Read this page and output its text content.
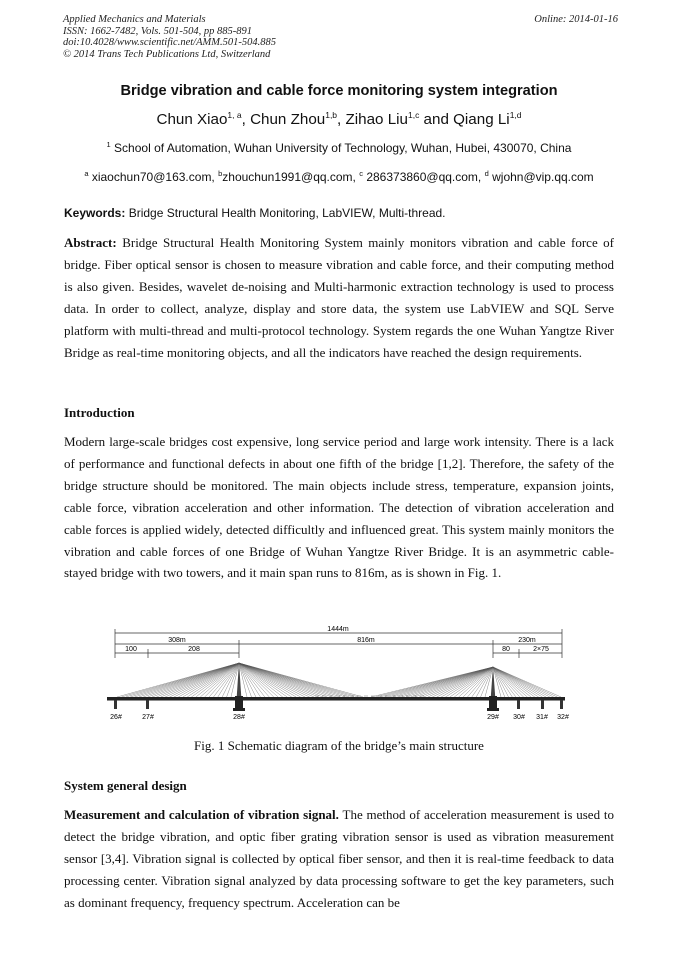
Applied Mechanics and Materials
ISSN: 1662-7482, Vols. 501-504, pp 885-891
doi:10.4028/www.scientific.net/AMM.501-504.885
© 2014 Trans Tech Publications Ltd, Switzerland
Online: 2014-01-16
Bridge vibration and cable force monitoring system integration
Chun Xiao$^{1, a}$, Chun Zhou$^{1,b}$, Zihao Liu$^{1,c}$ and Qiang Li$^{1,d}$
$^1$ School of Automation, Wuhan University of Technology, Wuhan, Hubei, 430070, China
$^a$ xiaochun70@163.com, $^b$zhouchun1991@qq.com, $^c$ 286373860@qq.com, $^d$ wjohn@vip.qq.com
Keywords: Bridge Structural Health Monitoring, LabVIEW, Multi-thread.
Abstract: Bridge Structural Health Monitoring System mainly monitors vibration and cable force of bridge. Fiber optical sensor is chosen to measure vibration and cable force, and their computing method is also given. Besides, wavelet de-noising and Multi-harmonic extraction technology is used to process data. In order to collect, analyze, display and store data, the system use LabVIEW and SQL Serve platform with multi-thread and multi-protocol technology. System regards the one Wuhan Yangtze River Bridge as real-time monitoring objects, and all the indicators have reached the design requirements.
Introduction
Modern large-scale bridges cost expensive, long service period and large work intensity. There is a lack of performance and functional defects in about one fifth of the bridge [1,2]. Therefore, the safety of the bridge structure should be monitored. The main objects include stress, temperature, expansion joints, cable force, vibration acceleration and other information. The detection of vibration acceleration and cable forces is applied widely, detected difficultly and influenced great. This system mainly monitors the vibration and cable forces of one Bridge of Wuhan Yangtze River Bridge. It is an asymmetric cable-stayed bridge with two towers, and it main span runs to 816m, as is shown in Fig. 1.
1444m
308m	816m	230m
100	208	80	2×75
26#	27#	28#	29# 30# 31# 32#
Fig. 1 Schematic diagram of the bridge’s main structure
System general design
Measurement and calculation of vibration signal. The method of acceleration measurement is used to detect the bridge vibration, and optic fiber grating vibration sensor is used as vibration measurement sensor [3,4]. Vibration signal is collected by optical fiber sensor, and then it is real-time feedback to data processing center. Vibration signal analyzed by data processing software to get the key parameters, such as dominant frequency, frequency spectrum. Acceleration can be
